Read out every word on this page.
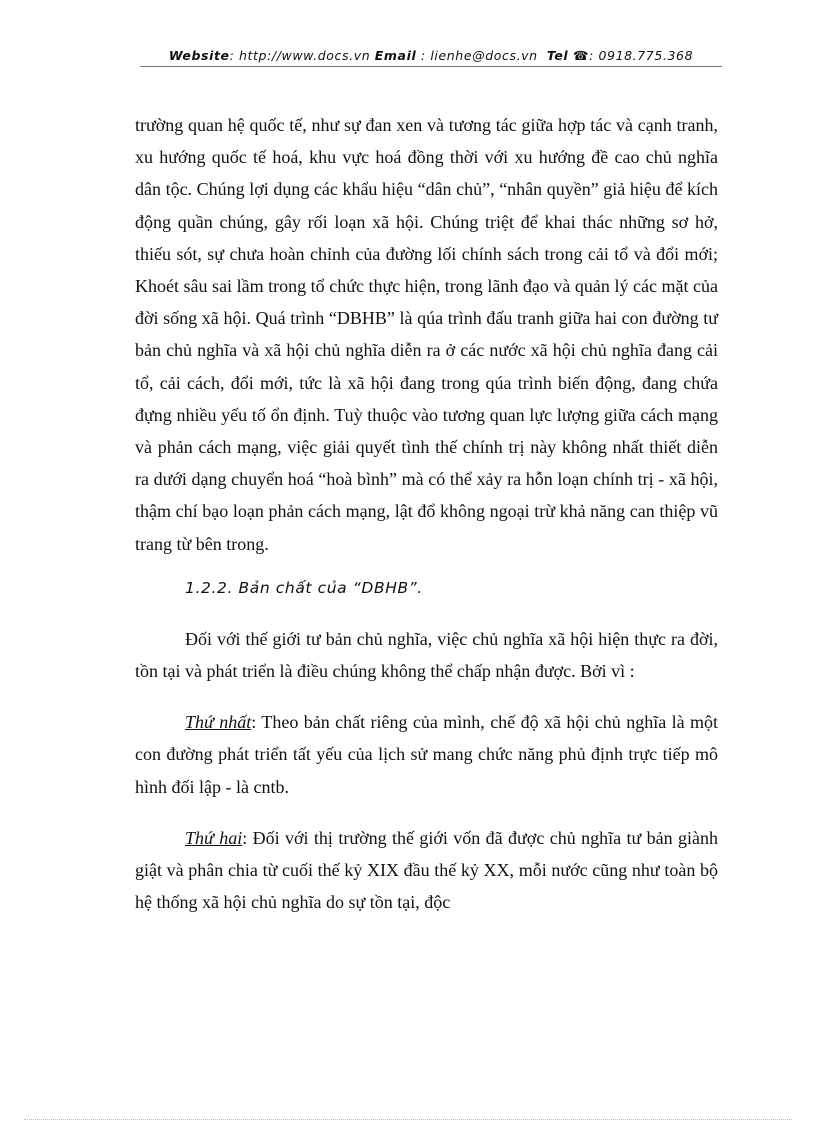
Website: http://www.docs.vn Email : lienhe@docs.vn Tel ☎: 0918.775.368

trường quan hệ quốc tế, như sự đan xen và tương tác giữa hợp tác và cạnh tranh, xu hướng quốc tế hoá, khu vực hoá đồng thời với xu hướng đề cao chủ nghĩa dân tộc. Chúng lợi dụng các khẩu hiệu “dân chủ”, “nhân quyền” giả hiệu để kích động quần chúng, gây rối loạn xã hội. Chúng triệt để khai thác những sơ hở, thiếu sót, sự chưa hoàn chỉnh của đường lối chính sách trong cải tổ và đổi mới; Khoét sâu sai lầm trong tổ chức thực hiện, trong lãnh đạo và quản lý các mặt của đời sống xã hội. Quá trình “DBHB” là qúa trình đấu tranh giữa hai con đường tư bản chủ nghĩa và xã hội chủ nghĩa diễn ra ở các nước xã hội chủ nghĩa đang cải tổ, cải cách, đổi mới, tức là xã hội đang trong qúa trình biến động, đang chứa đựng nhiều yếu tố ổn định. Tuỳ thuộc vào tương quan lực lượng giữa cách mạng và phản cách mạng, việc giải quyết tình thế chính trị này không nhất thiết diễn ra dưới dạng chuyển hoá “hoà bình” mà có thể xảy ra hỗn loạn chính trị - xã hội, thậm chí bạo loạn phản cách mạng, lật đổ không ngoại trừ khả năng can thiệp vũ trang từ bên trong.

1.2.2. Bản chất của “DBHB”.

Đối với thế giới tư bản chủ nghĩa, việc chủ nghĩa xã hội hiện thực ra đời, tồn tại và phát triển là điều chúng không thể chấp nhận được. Bởi vì :

Thứ nhất: Theo bản chất riêng của mình, chế độ xã hội chủ nghĩa là một con đường phát triển tất yếu của lịch sử mang chức năng phủ định trực tiếp mô hình đối lập - là cntb.

Thứ hai: Đối với thị trường thế giới vốn đã được chủ nghĩa tư bản giành giật và phân chia từ cuối thế kỷ XIX đầu thế kỷ XX, mỗi nước cũng như toàn bộ hệ thống xã hội chủ nghĩa do sự tồn tại, độc
